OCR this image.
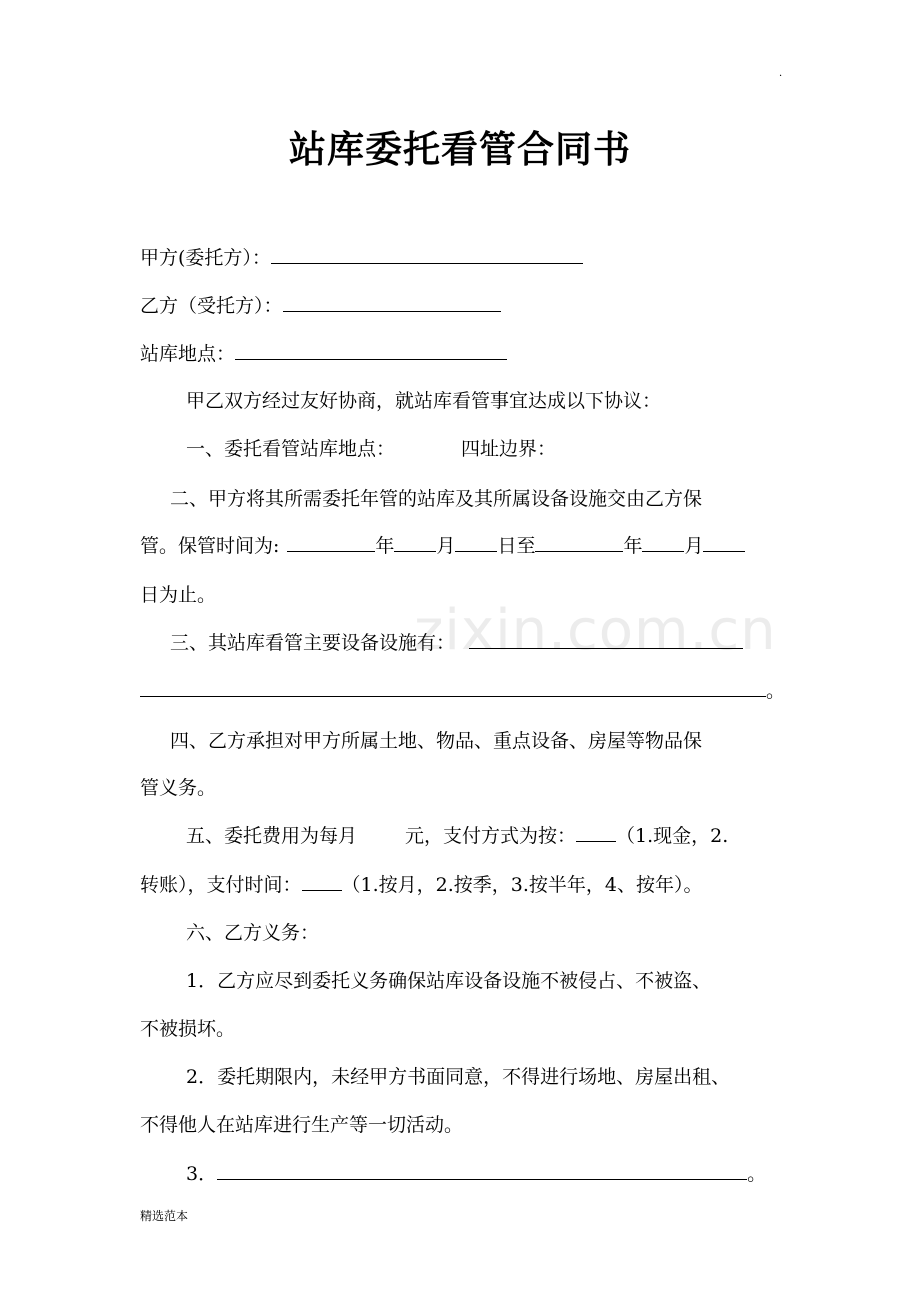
·
zixin.com.cn
站库委托看管合同书
甲方(委托方）：
乙方（受托方）：
站库地点：
甲乙双方经过友好协商，就站库看管事宜达成以下协议：
一、委托看管站库地点：	四址边界：
二、甲方将其所需委托年管的站库及其所属设备设施交由乙方保
管。保管时间为:	年 月 日至	年 月
日为止。
三、其站库看管主要设备设施有：
。
四、乙方承担对甲方所属土地、物品、重点设备、房屋等物品保
管义务。
五、委托费用为每月	元，支付方式为按： （1.现金，2.
转账），支付时间： （1.按月，2.按季，3.按半年，4、按年）。
六、乙方义务：
1．乙方应尽到委托义务确保站库设备设施不被侵占、不被盗、
不被损坏。
2．委托期限内，未经甲方书面同意，不得进行场地、房屋出租、
不得他人在站库进行生产等一切活动。
3．	。
精选范本
